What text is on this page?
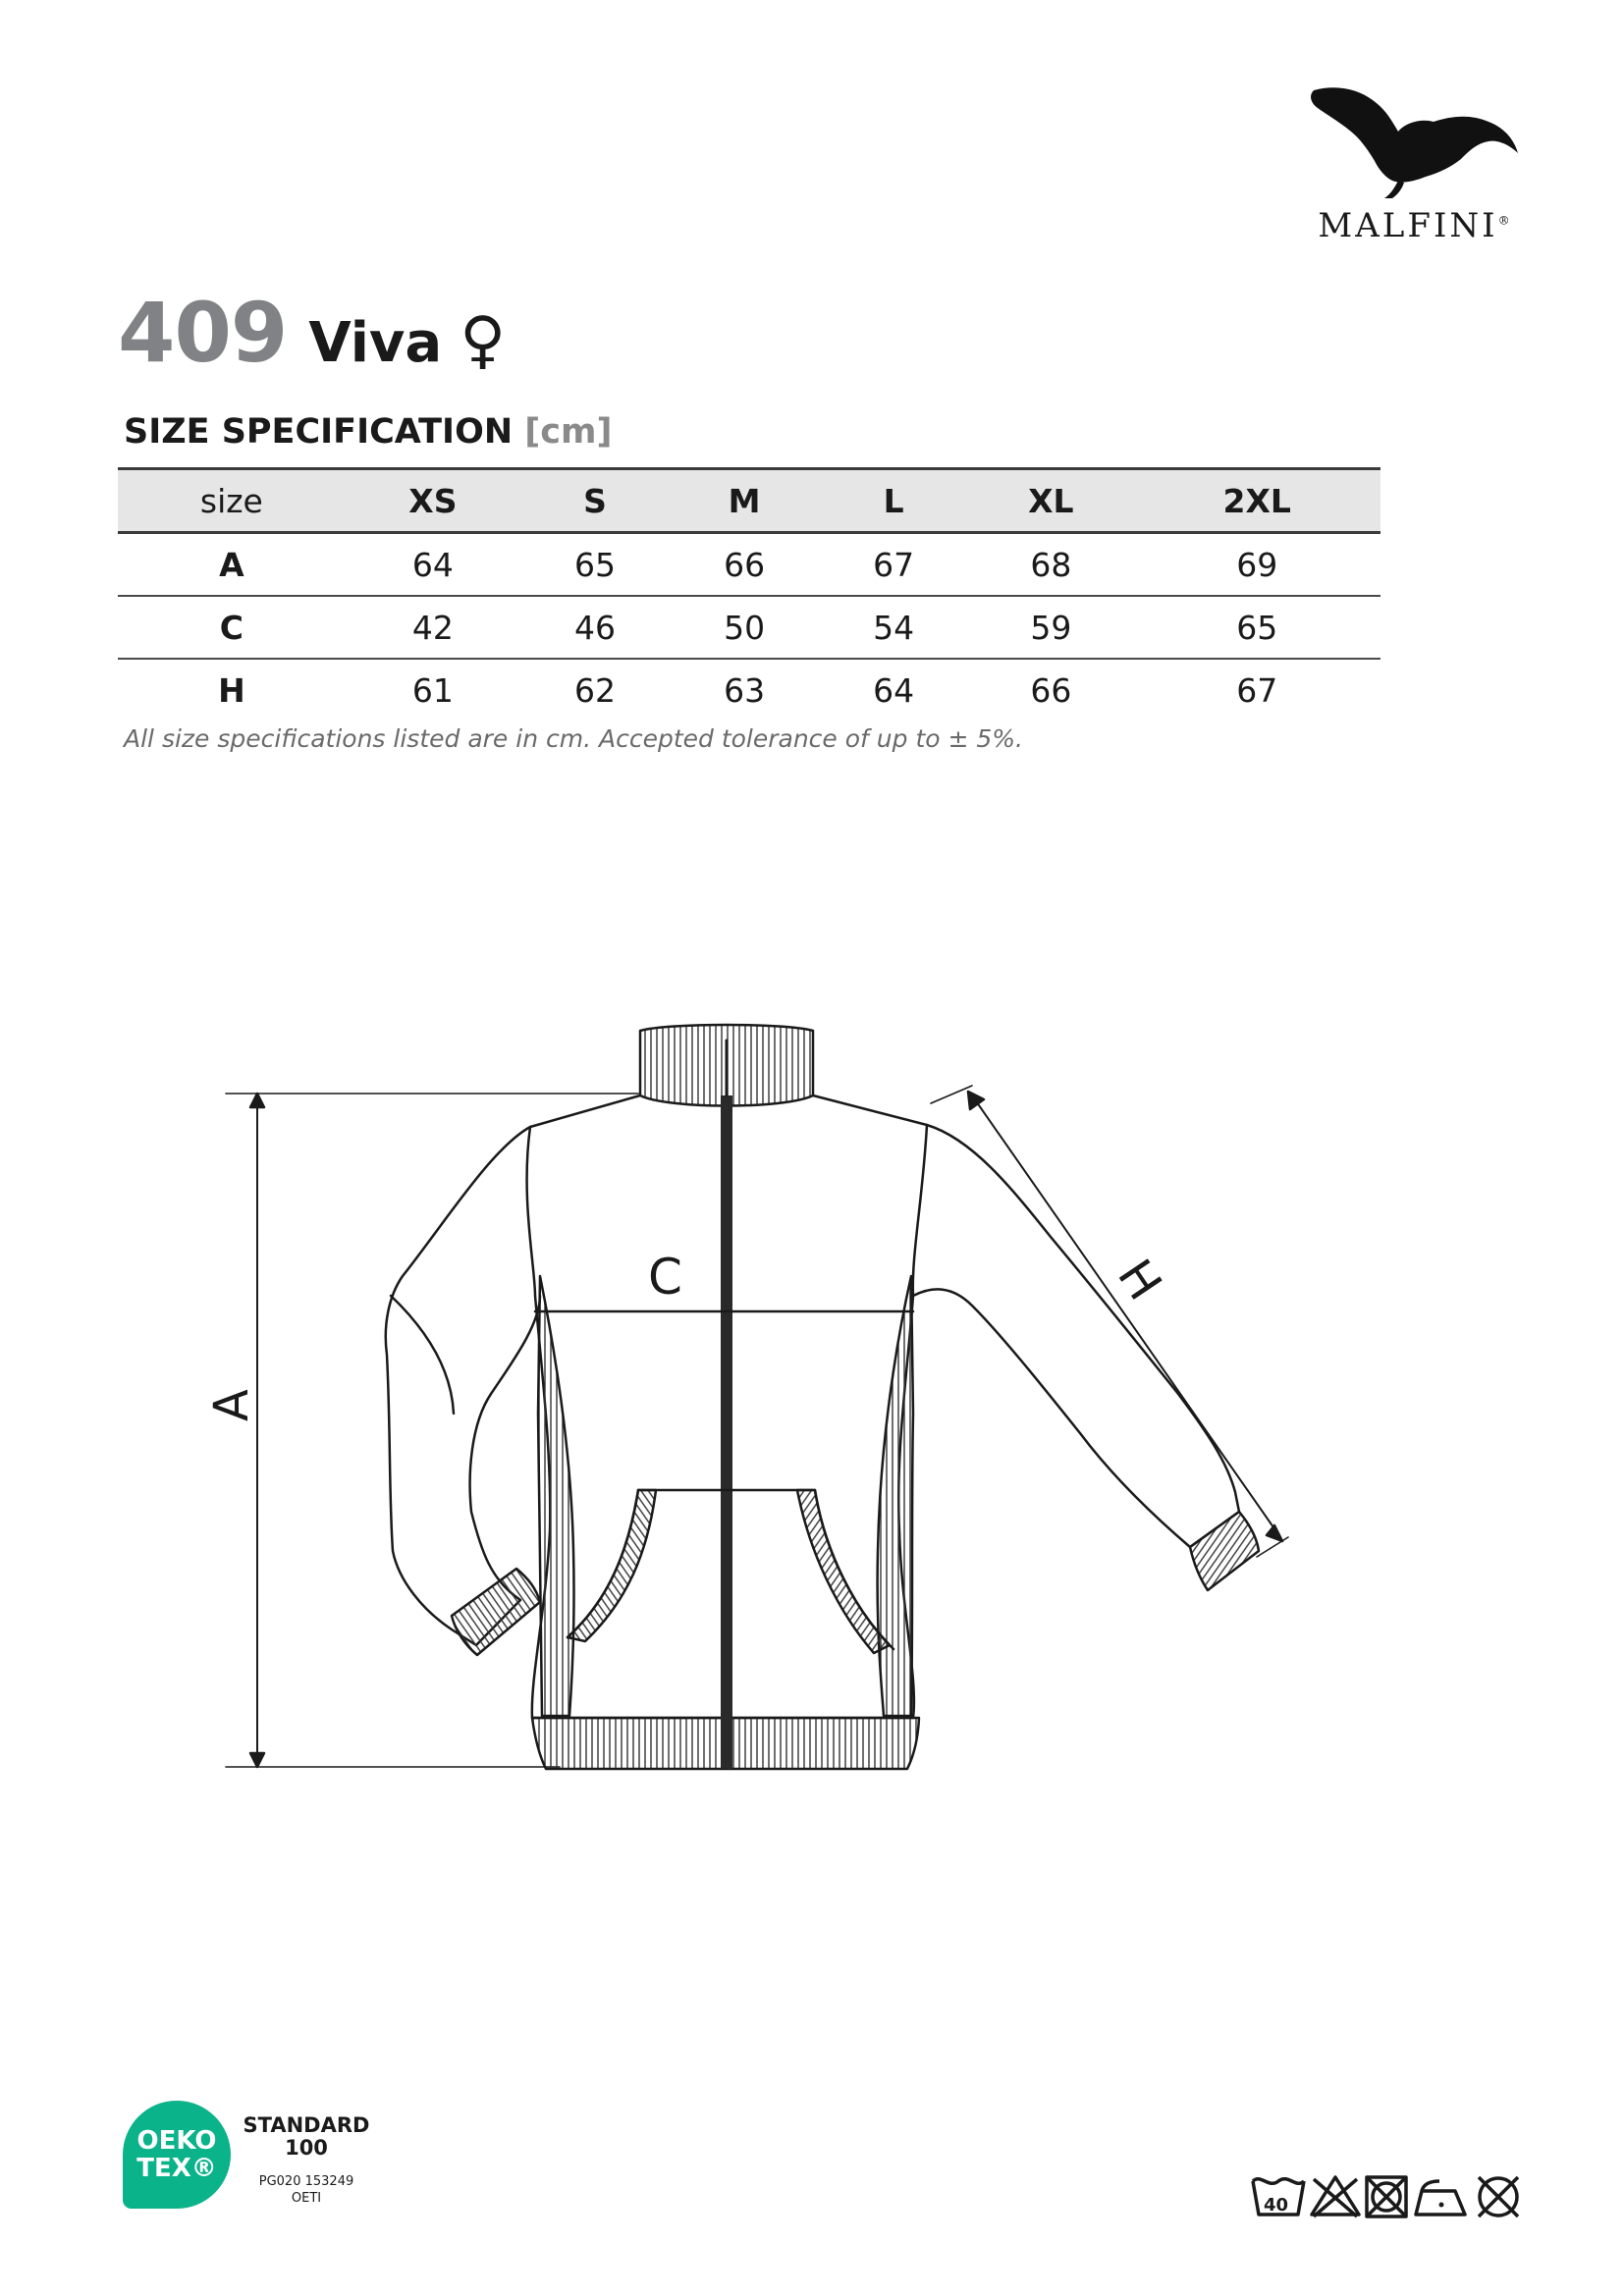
MALFINI®
409 Viva ♀
SIZE SPECIFICATION [cm]
size	XS	S	M	L	XL	2XL
A	64	65	66	67	68	69
C	42	46	50	54	59	65
H	61	62	63	64	66	67
All size specifications listed are in cm. Accepted tolerance of up to ± 5%.
A
C	H
OEKO
TEX®
STANDARD
100
PG020 153249
OETI	40
